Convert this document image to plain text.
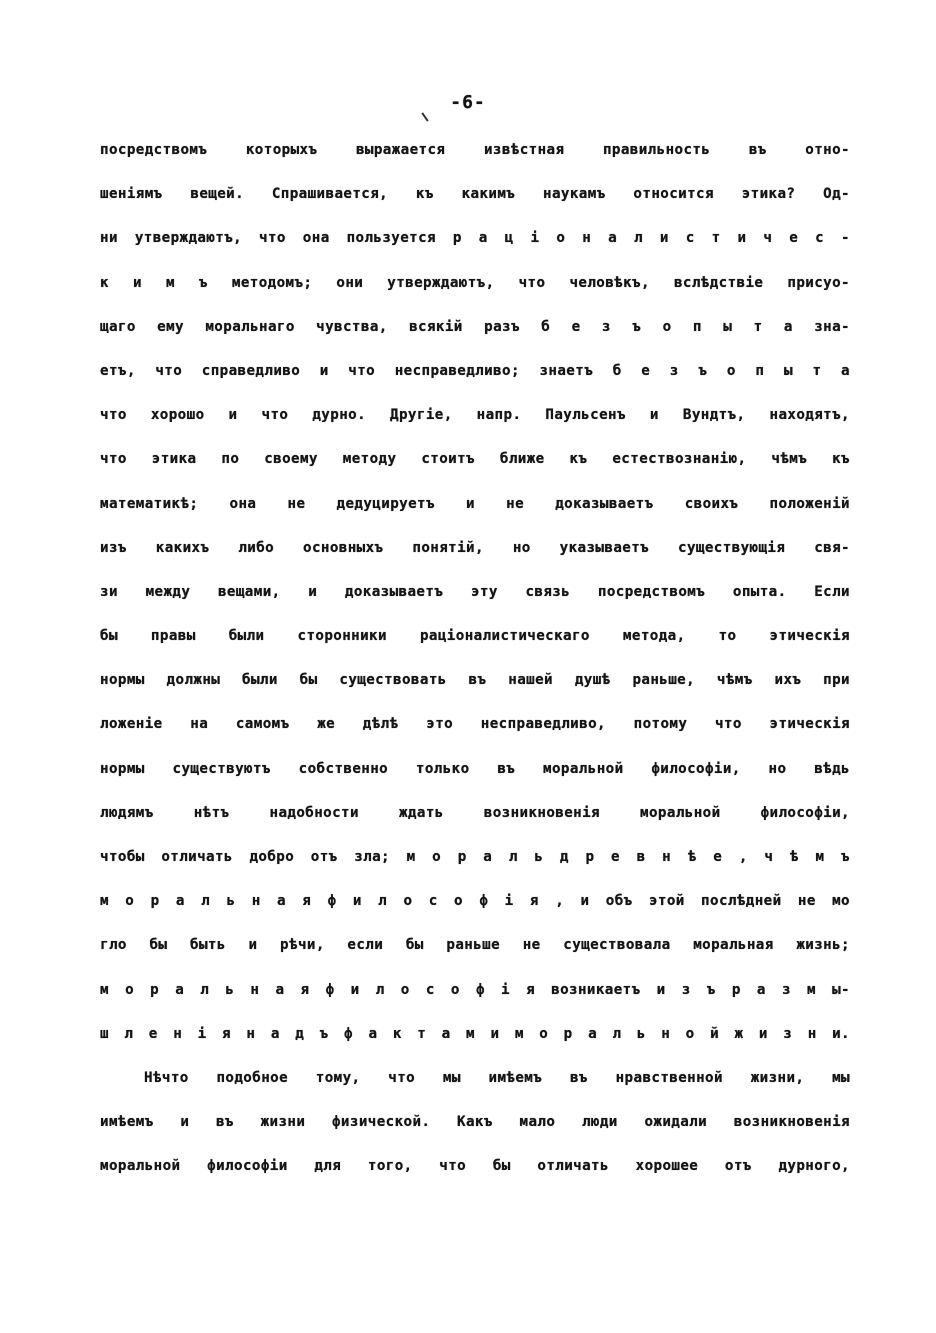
-6-
посредствомъ которыхъ выражается извѣстная правильность въ отно-
шеніямъ вещей. Спрашивается, къ какимъ наукамъ относится этика? Од-
ни утверждаютъ, что она пользуется р а ц і о н а л и с т и ч е с -
к и м ъ методомъ; они утверждаютъ, что человѣкъ, вслѣдствіе присуо-
щаго ему моральнаго чувства, всякій разъ б е з ъ о п ы т а зна-
етъ, что справедливо и что несправедливо; знаетъ б е з ъ о п ы т а
что хорошо и что дурно. Другіе, напр. Паульсенъ и Вундтъ, находятъ,
что этика по своему методу стоитъ ближе къ естествознанію, чѣмъ къ
математикѣ; она не дедуцируетъ и не доказываетъ своихъ положеній
изъ какихъ либо основныхъ понятій, но указываетъ существующія свя-
зи между вещами, и доказываетъ эту связь посредствомъ опыта. Если
бы правы были сторонники раціоналистическаго метода, то этическія
нормы должны были бы существовать въ нашей душѣ раньше, чѣмъ ихъ при
ложеніе на самомъ же дѣлѣ это несправедливо, потому что этическія
нормы существуютъ собственно только въ моральной философіи, но вѣдь
людямъ нѣтъ надобности ждать возникновенія моральной философіи,
чтобы отличать добро отъ зла; м о р а л ь д р е в н ѣ е , ч ѣ м ъ
м о р а л ь н а я ф и л о с о ф і я , и объ этой послѣдней не мо
гло бы быть и рѣчи, если бы раньше не существовала моральная жизнь;
м о р а л ь н а я ф и л о с о ф і я возникаетъ и з ъ р а з м ы-
ш л е н і я н а д ъ ф а к т а м и м о р а л ь н о й ж и з н и.
Нѣчто подобное тому, что мы имѣемъ въ нравственной жизни, мы
имѣемъ и въ жизни физической. Какъ мало люди ожидали возникновенія
моральной философіи для того, что бы отличать хорошее отъ дурного,
